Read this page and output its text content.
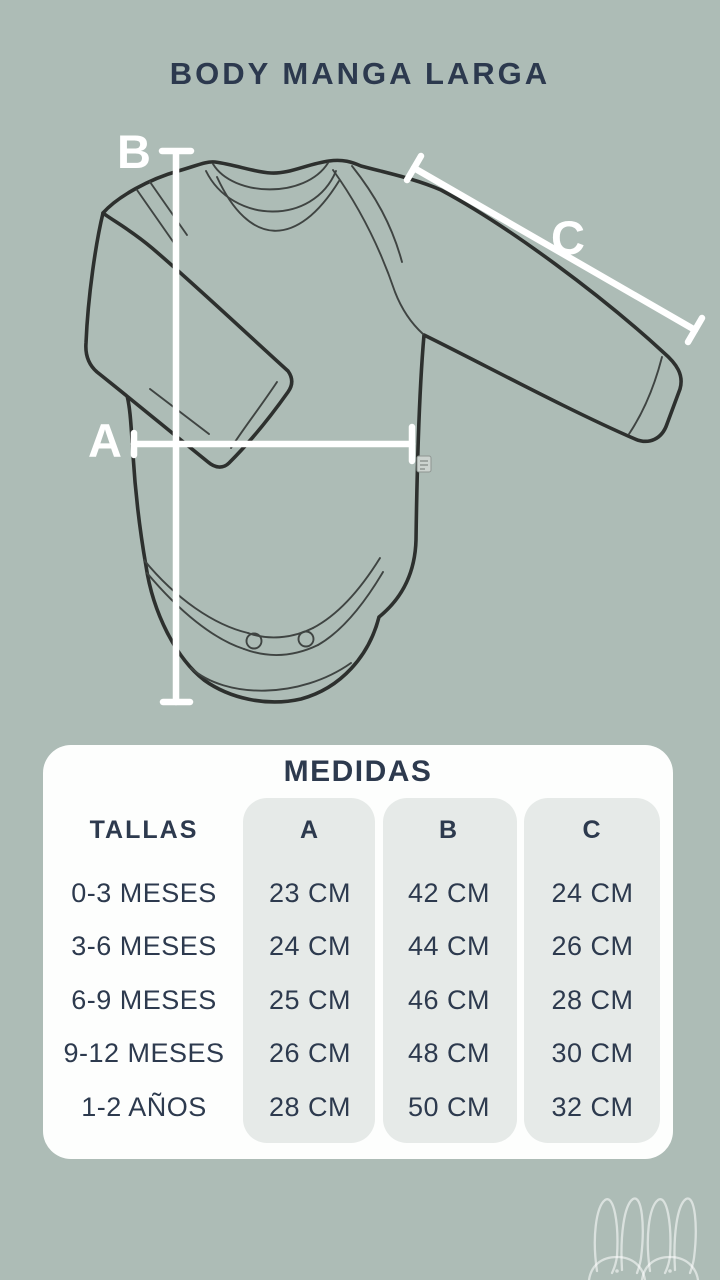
BODY MANGA LARGA
B
A
C
MEDIDAS
TALLAS	A	B	C
0-3 MESES	23 CM	42 CM	24 CM
3-6 MESES	24 CM	44 CM	26 CM
6-9 MESES	25 CM	46 CM	28 CM
9-12 MESES	26 CM	48 CM	30 CM
1-2 AÑOS	28 CM	50 CM	32 CM
